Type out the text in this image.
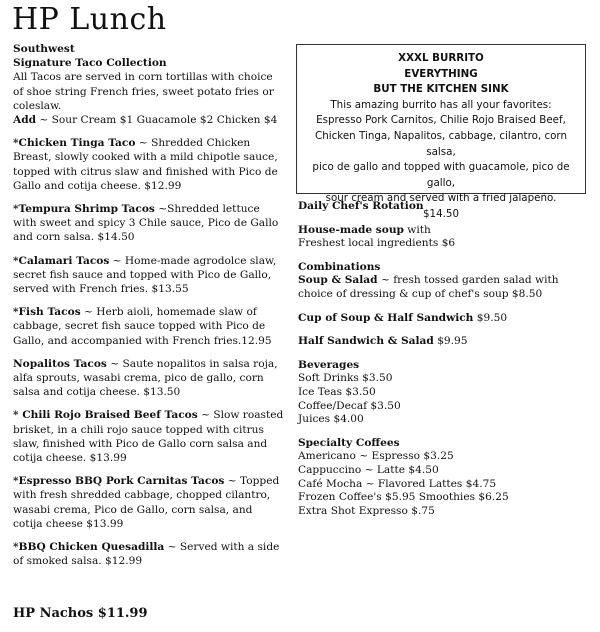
HP Lunch

Southwest
Signature Taco Collection
All Tacos are served in corn tortillas with choice of shoe string French fries, sweet potato fries or coleslaw.
Add ~ Sour Cream $1 Guacamole $2 Chicken $4

*Chicken Tinga Taco ~ Shredded Chicken Breast, slowly cooked with a mild chipotle sauce, topped with citrus slaw and finished with Pico de Gallo and cotija cheese. $12.99

*Tempura Shrimp Tacos ~Shredded lettuce with sweet and spicy 3 Chile sauce, Pico de Gallo and corn salsa. $14.50

*Calamari Tacos ~ Home-made agrodolce slaw, secret fish sauce and topped with Pico de Gallo, served with French fries. $13.55

*Fish Tacos ~ Herb aioli, homemade slaw of cabbage, secret fish sauce topped with Pico de Gallo, and accompanied with French fries.12.95

Nopalitos Tacos ~ Saute nopalitos in salsa roja, alfa sprouts, wasabi crema, pico de gallo, corn salsa and cotija cheese. $13.50

* Chili Rojo Braised Beef Tacos ~ Slow roasted brisket, in a chili rojo sauce topped with citrus slaw, finished with Pico de Gallo corn salsa and cotija cheese. $13.99

*Espresso BBQ Pork Carnitas Tacos ~ Topped with fresh shredded cabbage, chopped cilantro, wasabi crema, Pico de Gallo, corn salsa, and cotija cheese $13.99

*BBQ Chicken Quesadilla ~ Served with a side of smoked salsa. $12.99

HP Nachos $11.99
XXXL BURRITO
EVERYTHING
BUT THE KITCHEN SINK
This amazing burrito has all your favorites:
Espresso Pork Carnitos, Chilie Rojo Braised Beef,
Chicken Tinga, Napalitos, cabbage, cilantro, corn salsa,
pico de gallo and topped with guacamole, pico de gallo,
sour cream and served with a fried jalapeño.
$14.50
Daily Chef's Rotation
House-made soup with
Freshest local ingredients $6
Combinations
Soup & Salad ~ fresh tossed garden salad with choice of dressing & cup of chef's soup $8.50
Cup of Soup & Half Sandwich $9.50
Half Sandwich & Salad $9.95
Beverages
Soft Drinks $3.50
Ice Teas $3.50
Coffee/Decaf $3.50
Juices $4.00
Specialty Coffees
Americano ~ Espresso $3.25
Cappuccino ~ Latte $4.50
Café Mocha ~ Flavored Lattes $4.75
Frozen Coffee's $5.95 Smoothies $6.25
Extra Shot Expresso $.75
